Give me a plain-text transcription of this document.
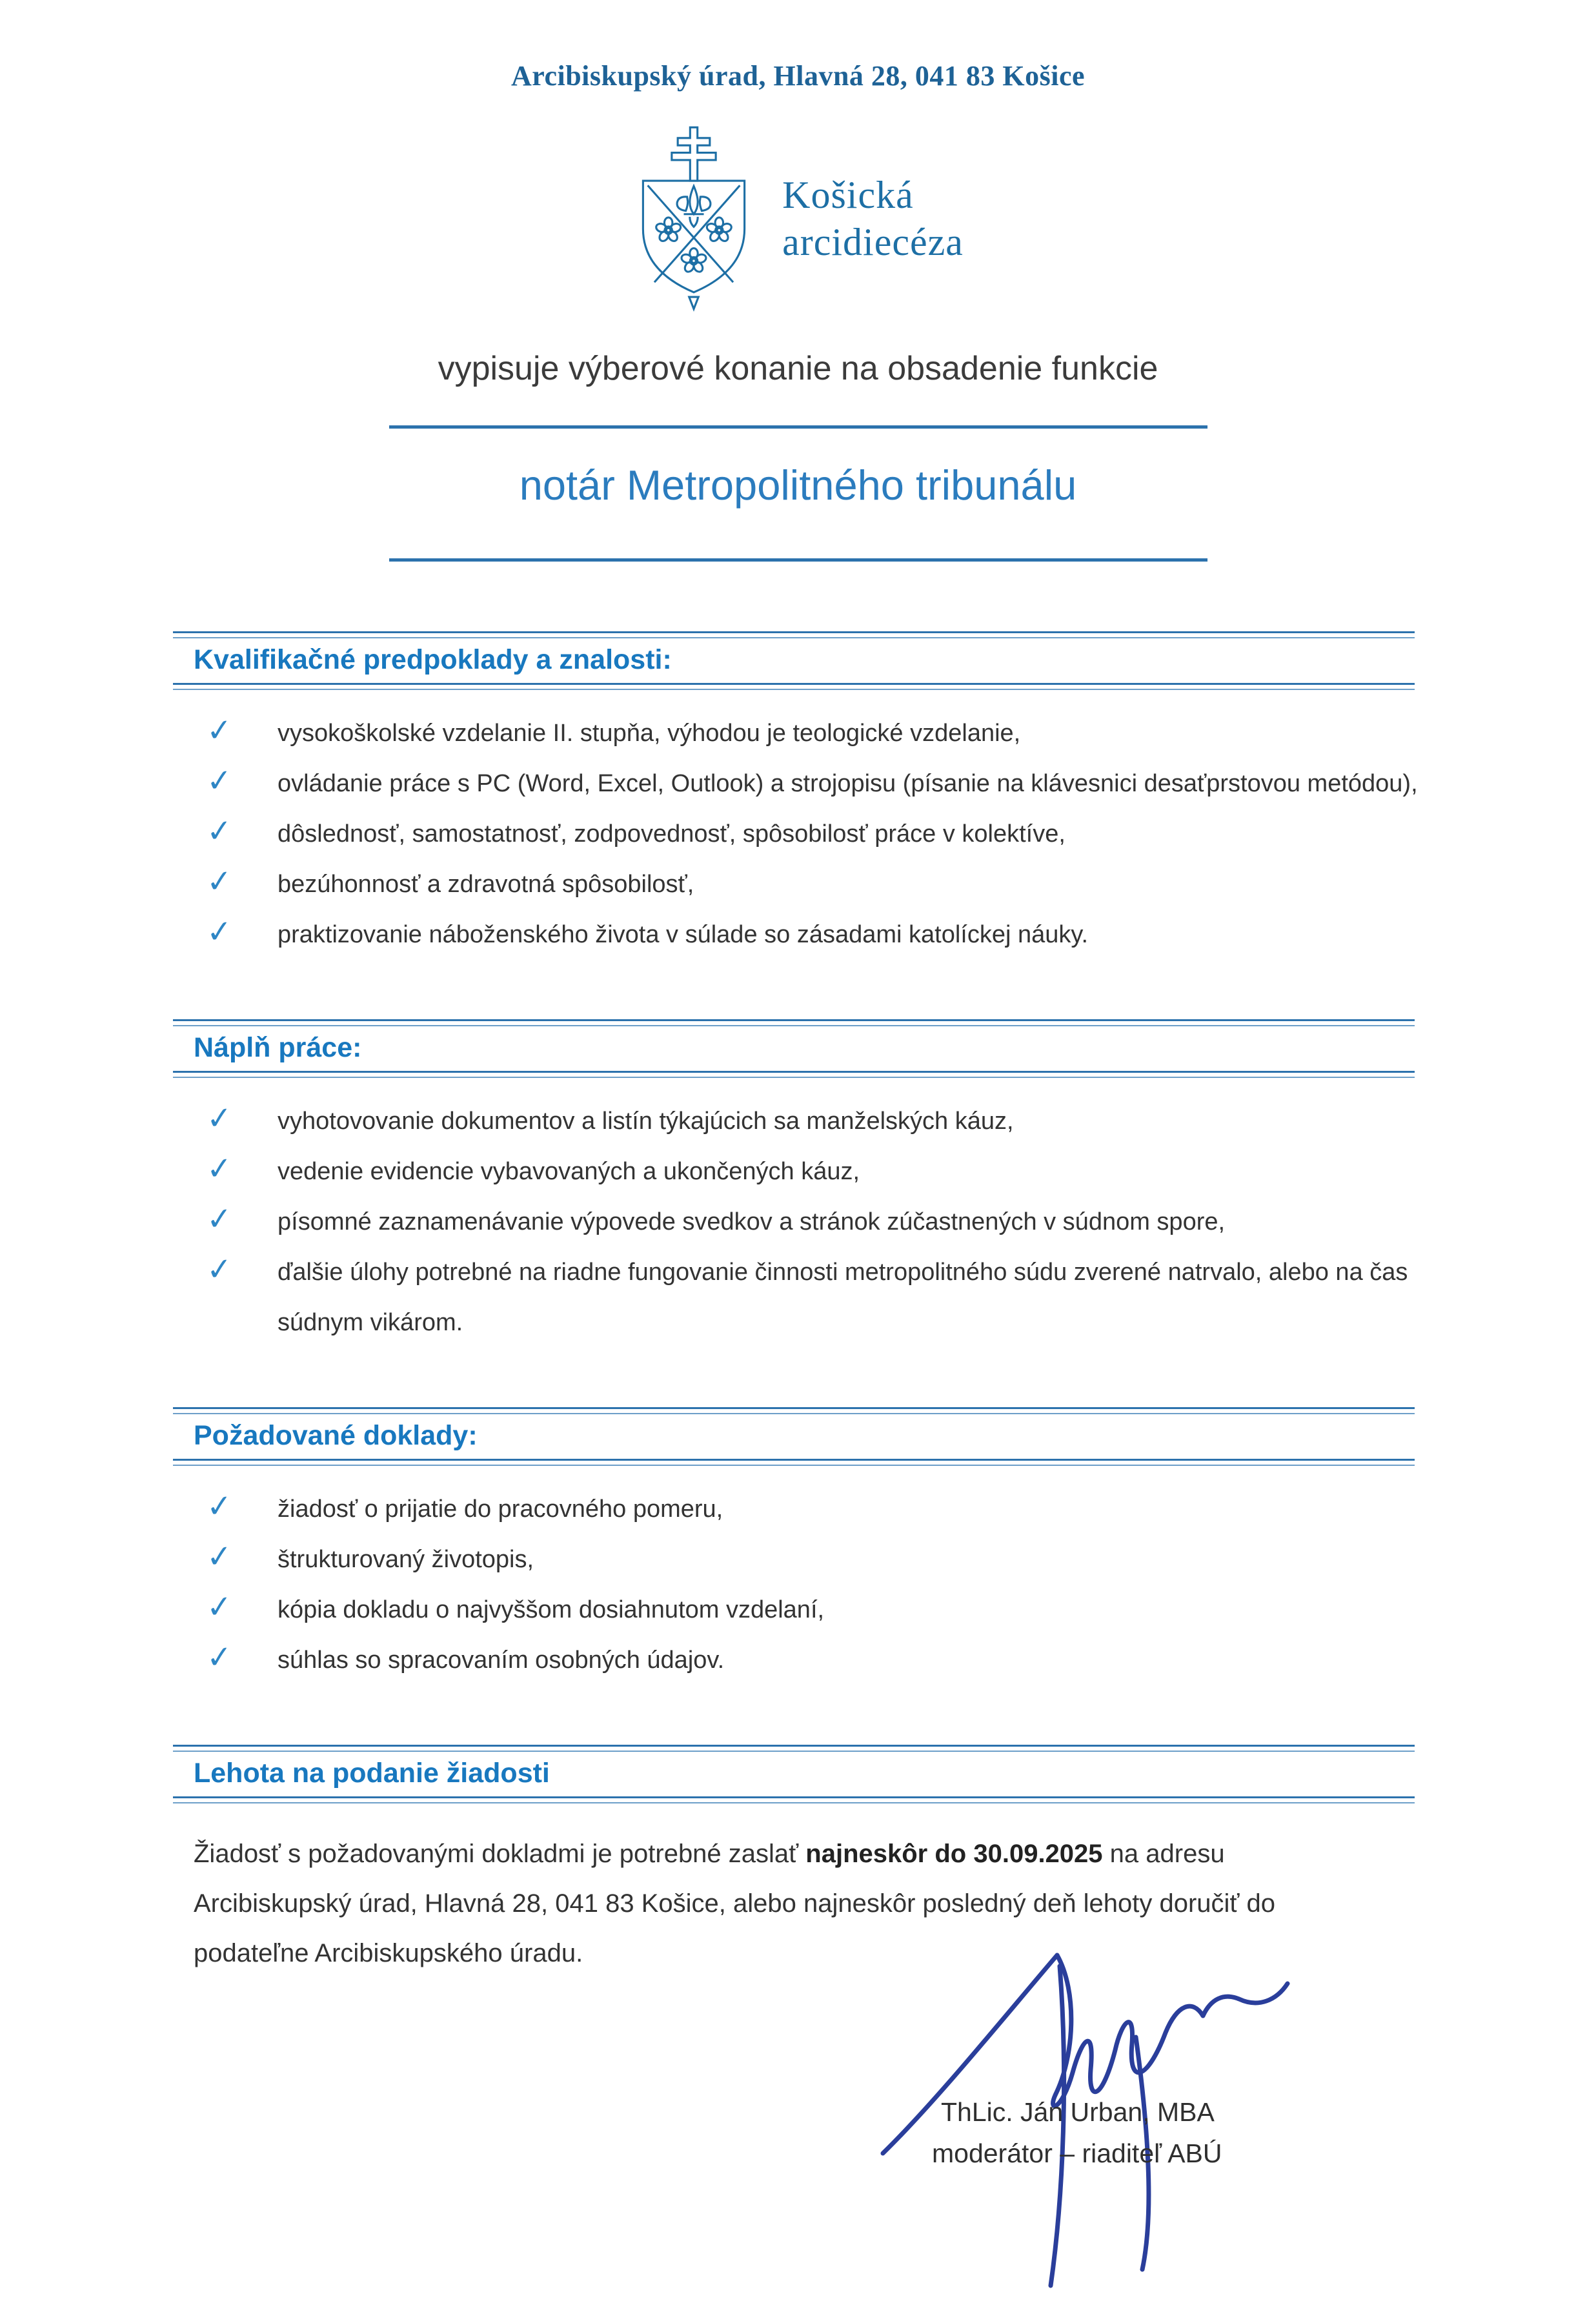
Arcibiskupský úrad, Hlavná 28, 041 83 Košice
Košická
arcidiecéza
vypisuje výberové konanie na obsadenie funkcie
notár Metropolitného tribunálu
Kvalifikačné predpoklady a znalosti:
✓	vysokoškolské vzdelanie II. stupňa, výhodou je teologické vzdelanie,
✓	ovládanie práce s PC (Word, Excel, Outlook) a strojopisu (písanie na klávesnici desaťprstovou metódou),
✓	dôslednosť, samostatnosť, zodpovednosť, spôsobilosť práce v kolektíve,
✓	bezúhonnosť a zdravotná spôsobilosť,
✓	praktizovanie náboženského života v súlade so zásadami katolíckej náuky.
Náplň práce:
✓	vyhotovovanie dokumentov a listín týkajúcich sa manželských káuz,
✓	vedenie evidencie vybavovaných a ukončených káuz,
✓	písomné zaznamenávanie výpovede svedkov a stránok zúčastnených v súdnom spore,
✓	ďalšie úlohy potrebné na riadne fungovanie činnosti metropolitného súdu zverené natrvalo, alebo na čas súdnym vikárom.
Požadované doklady:
✓	žiadosť o prijatie do pracovného pomeru,
✓	štrukturovaný životopis,
✓	kópia dokladu o najvyššom dosiahnutom vzdelaní,
✓	súhlas so spracovaním osobných údajov.
Lehota na podanie žiadosti

Žiadosť s požadovanými dokladmi je potrebné zaslať najneskôr do 30.09.2025 na adresu Arcibiskupský úrad, Hlavná 28, 041 83 Košice, alebo najneskôr posledný deň lehoty doručiť do podateľne Arcibiskupského úradu.

ThLic. Ján Urban, MBA
moderátor – riaditeľ ABÚ
